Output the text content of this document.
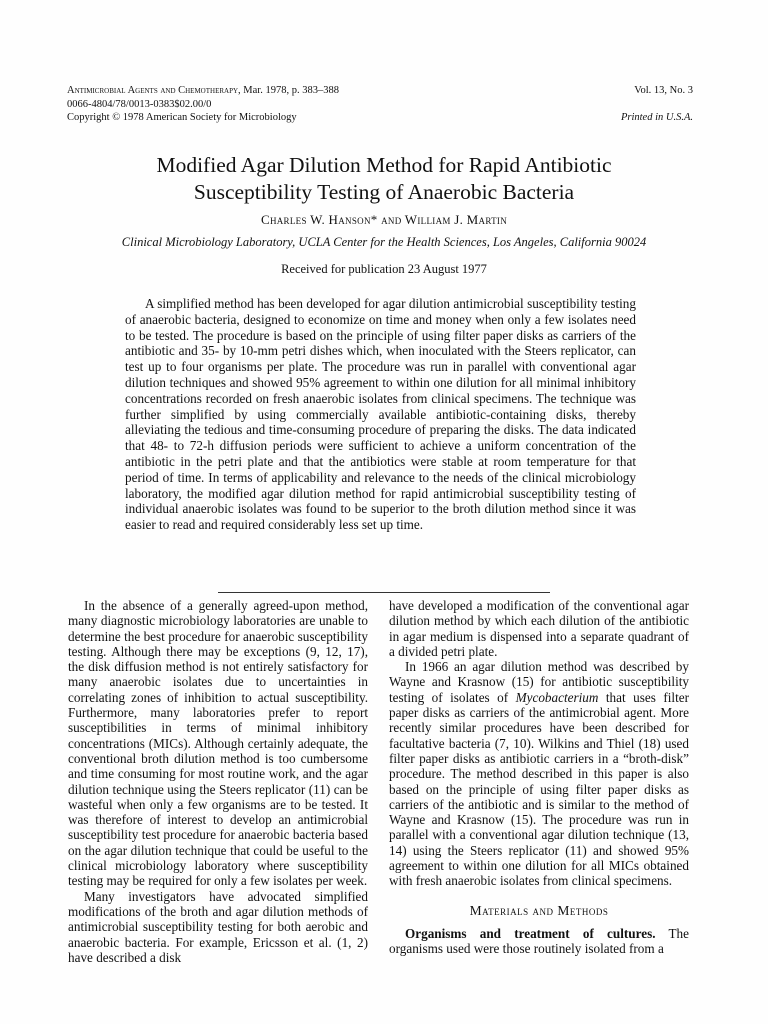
Antimicrobial Agents and Chemotherapy, Mar. 1978, p. 383–388
0066-4804/78/0013-0383$02.00/0
Copyright © 1978 American Society for Microbiology
Vol. 13, No. 3
Printed in U.S.A.
Modified Agar Dilution Method for Rapid Antibiotic
Susceptibility Testing of Anaerobic Bacteria
Charles W. Hanson* and William J. Martin
Clinical Microbiology Laboratory, UCLA Center for the Health Sciences, Los Angeles, California 90024
Received for publication 23 August 1977

A simplified method has been developed for agar dilution antimicrobial susceptibility testing of anaerobic bacteria, designed to economize on time and money when only a few isolates need to be tested. The procedure is based on the principle of using filter paper disks as carriers of the antibiotic and 35- by 10-mm petri dishes which, when inoculated with the Steers replicator, can test up to four organisms per plate. The procedure was run in parallel with conventional agar dilution techniques and showed 95% agreement to within one dilution for all minimal inhibitory concentrations recorded on fresh anaerobic isolates from clinical specimens. The technique was further simplified by using commercially available antibiotic-containing disks, thereby alleviating the tedious and time-consuming procedure of preparing the disks. The data indicated that 48- to 72-h diffusion periods were sufficient to achieve a uniform concentration of the antibiotic in the petri plate and that the antibiotics were stable at room temperature for that period of time. In terms of applicability and relevance to the needs of the clinical microbiology laboratory, the modified agar dilution method for rapid antimicrobial susceptibility testing of individual anaerobic isolates was found to be superior to the broth dilution method since it was easier to read and required considerably less set up time.

In the absence of a generally agreed-upon method, many diagnostic microbiology laboratories are unable to determine the best procedure for anaerobic susceptibility testing. Although there may be exceptions (9, 12, 17), the disk diffusion method is not entirely satisfactory for many anaerobic isolates due to uncertainties in correlating zones of inhibition to actual susceptibility. Furthermore, many laboratories prefer to report susceptibilities in terms of minimal inhibitory concentrations (MICs). Although certainly adequate, the conventional broth dilution method is too cumbersome and time consuming for most routine work, and the agar dilution technique using the Steers replicator (11) can be wasteful when only a few organisms are to be tested. It was therefore of interest to develop an antimicrobial susceptibility test procedure for anaerobic bacteria based on the agar dilution technique that could be useful to the clinical microbiology laboratory where susceptibility testing may be required for only a few isolates per week.

Many investigators have advocated simplified modifications of the broth and agar dilution methods of antimicrobial susceptibility testing for both aerobic and anaerobic bacteria. For example, Ericsson et al. (1, 2) have described a disk

have developed a modification of the conventional agar dilution method by which each dilution of the antibiotic in agar medium is dispensed into a separate quadrant of a divided petri plate.

In 1966 an agar dilution method was described by Wayne and Krasnow (15) for antibiotic susceptibility testing of isolates of Mycobacterium that uses filter paper disks as carriers of the antimicrobial agent. More recently similar procedures have been described for facultative bacteria (7, 10). Wilkins and Thiel (18) used filter paper disks as antibiotic carriers in a “broth-disk” procedure. The method described in this paper is also based on the principle of using filter paper disks as carriers of the antibiotic and is similar to the method of Wayne and Krasnow (15). The procedure was run in parallel with a conventional agar dilution technique (13, 14) using the Steers replicator (11) and showed 95% agreement to within one dilution for all MICs obtained with fresh anaerobic isolates from clinical specimens.

Materials and Methods

Organisms and treatment of cultures. The organisms used were those routinely isolated from a
